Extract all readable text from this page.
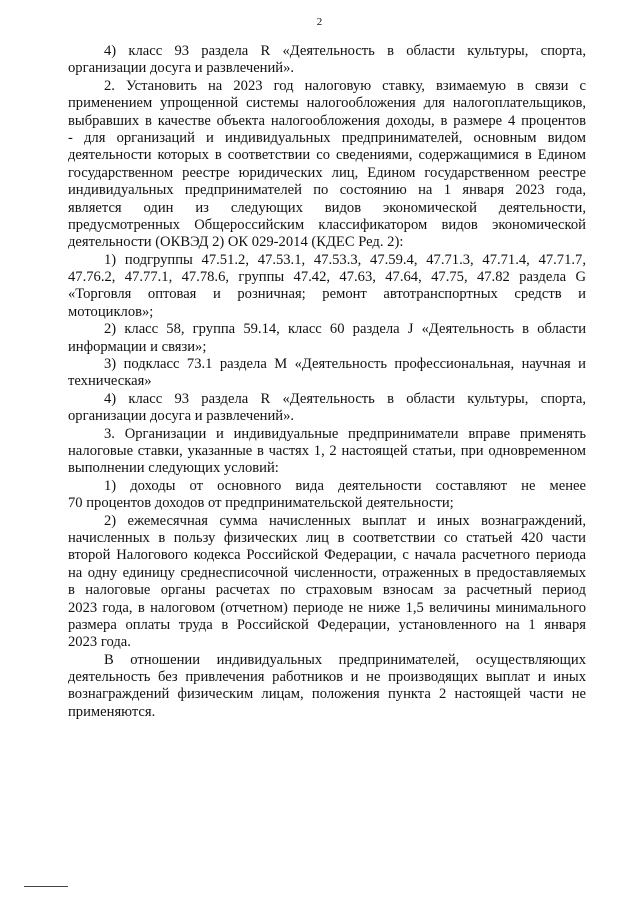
2
4) класс 93 раздела R «Деятельность в области культуры, спорта,
организации досуга и развлечений».
2. Установить на 2023 год налоговую ставку, взимаемую в связи с
применением упрощенной системы налогообложения для налогоплательщиков,
выбравших в качестве объекта налогообложения доходы, в размере 4 процентов
- для организаций и индивидуальных предпринимателей, основным видом
деятельности которых в соответствии со сведениями, содержащимися в Едином
государственном реестре юридических лиц, Едином государственном реестре
индивидуальных предпринимателей по состоянию на 1 января 2023 года,
является один из следующих видов экономической деятельности,
предусмотренных Общероссийским классификатором видов экономической
деятельности (ОКВЭД 2) ОК 029-2014 (КДЕС Ред. 2):
1) подгруппы 47.51.2, 47.53.1, 47.53.3, 47.59.4, 47.71.3, 47.71.4, 47.71.7,
47.76.2, 47.77.1, 47.78.6, группы 47.42, 47.63, 47.64, 47.75, 47.82 раздела G
«Торговля оптовая и розничная; ремонт автотранспортных средств и
мотоциклов»;
2) класс 58, группа 59.14, класс 60 раздела J «Деятельность в области
информации и связи»;
3) подкласс 73.1 раздела M «Деятельность профессиональная, научная и
техническая»
4) класс 93 раздела R «Деятельность в области культуры, спорта,
организации досуга и развлечений».
3. Организации и индивидуальные предприниматели вправе применять
налоговые ставки, указанные в частях 1, 2 настоящей статьи, при одновременном
выполнении следующих условий:
1) доходы от основного вида деятельности составляют не менее
70 процентов доходов от предпринимательской деятельности;
2) ежемесячная сумма начисленных выплат и иных вознаграждений,
начисленных в пользу физических лиц в соответствии со статьей 420 части
второй Налогового кодекса Российской Федерации, с начала расчетного периода
на одну единицу среднесписочной численности, отраженных в предоставляемых
в налоговые органы расчетах по страховым взносам за расчетный период
2023 года, в налоговом (отчетном) периоде не ниже 1,5 величины минимального
размера оплаты труда в Российской Федерации, установленного на 1 января
2023 года.
В отношении индивидуальных предпринимателей, осуществляющих
деятельность без привлечения работников и не производящих выплат и иных
вознаграждений физическим лицам, положения пункта 2 настоящей части не
применяются.
